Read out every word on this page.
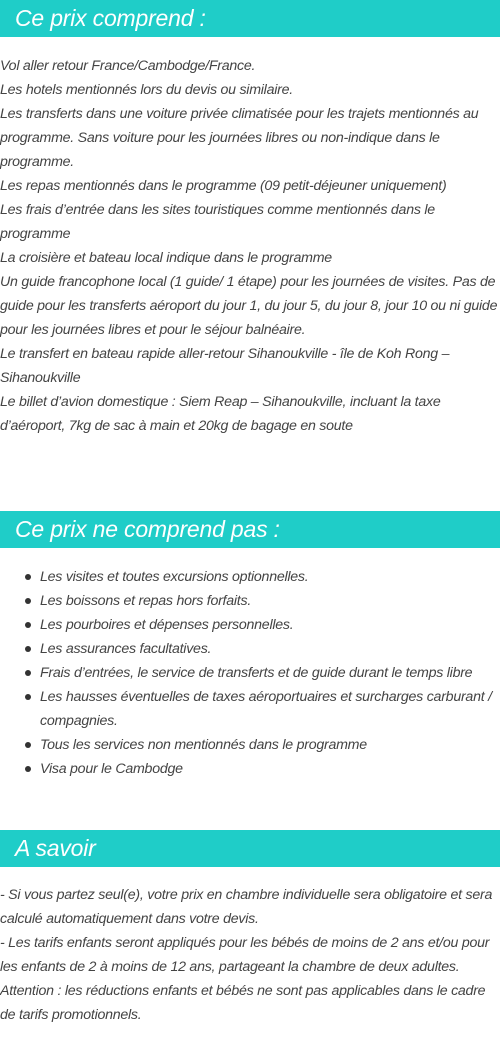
Ce prix comprend :

Vol aller retour France/Cambodge/France.

Les hotels mentionnés lors du devis ou similaire.

Les transferts dans une voiture privée climatisée pour les trajets mentionnés au programme. Sans voiture pour les journées libres ou non-indique dans le programme.

Les repas mentionnés dans le programme (09 petit-déjeuner uniquement)

Les frais d’entrée dans les sites touristiques comme mentionnés dans le programme

La croisière et bateau local indique dans le programme

Un guide francophone local (1 guide/ 1 étape) pour les journées de visites. Pas de guide pour les transferts aéroport du jour 1, du jour 5, du jour 8, jour 10 ou ni guide pour les journées libres et pour le séjour balnéaire.

Le transfert en bateau rapide aller-retour Sihanoukville - île de Koh Rong – Sihanoukville

Le billet d’avion domestique : Siem Reap – Sihanoukville, incluant la taxe d’aéroport, 7kg de sac à main et 20kg de bagage en soute

Ce prix ne comprend pas :
Les visites et toutes excursions optionnelles.
Les boissons et repas hors forfaits.
Les pourboires et dépenses personnelles.
Les assurances facultatives.
Frais d’entrées, le service de transferts et de guide durant le temps libre
Les hausses éventuelles de taxes aéroportuaires et surcharges carburant / compagnies.
Tous les services non mentionnés dans le programme
Visa pour le Cambodge
A savoir

- Si vous partez seul(e), votre prix en chambre individuelle sera obligatoire et sera calculé automatiquement dans votre devis.

- Les tarifs enfants seront appliqués pour les bébés de moins de 2 ans et/ou pour les enfants de 2 à moins de 12 ans, partageant la chambre de deux adultes.

Attention : les réductions enfants et bébés ne sont pas applicables dans le cadre de tarifs promotionnels.
